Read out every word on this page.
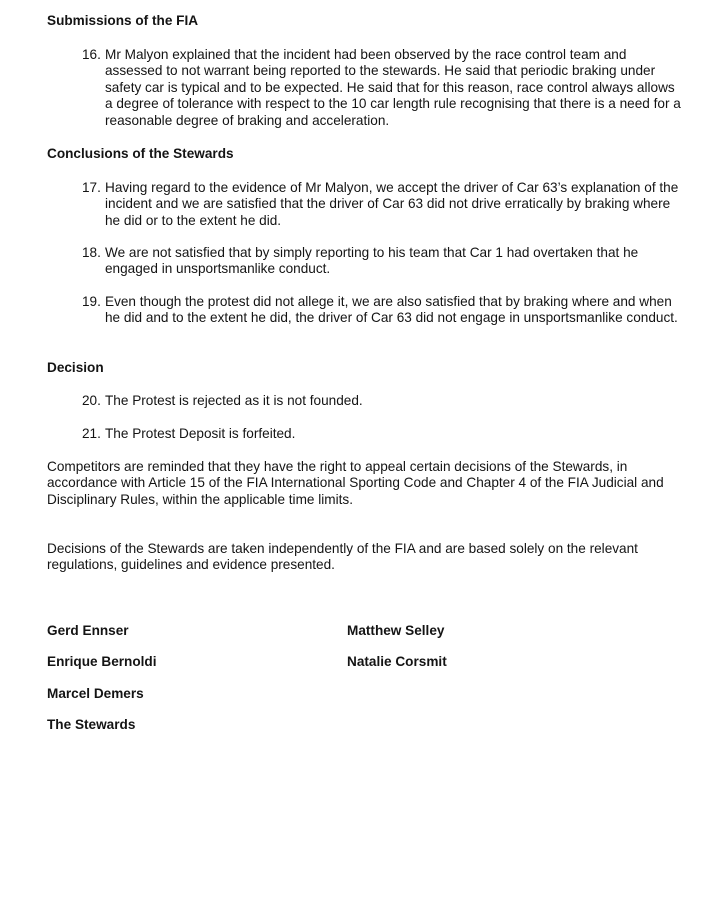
Submissions of the FIA
16. Mr Malyon explained that the incident had been observed by the race control team and assessed to not warrant being reported to the stewards. He said that periodic braking under safety car is typical and to be expected. He said that for this reason, race control always allows a degree of tolerance with respect to the 10 car length rule recognising that there is a need for a reasonable degree of braking and acceleration.
Conclusions of the Stewards
17. Having regard to the evidence of Mr Malyon, we accept the driver of Car 63’s explanation of the incident and we are satisfied that the driver of Car 63 did not drive erratically by braking where he did or to the extent he did.
18. We are not satisfied that by simply reporting to his team that Car 1 had overtaken that he engaged in unsportsmanlike conduct.
19. Even though the protest did not allege it, we are also satisfied that by braking where and when he did and to the extent he did, the driver of Car 63 did not engage in unsportsmanlike conduct.
Decision
20. The Protest is rejected as it is not founded.
21. The Protest Deposit is forfeited.
Competitors are reminded that they have the right to appeal certain decisions of the Stewards, in accordance with Article 15 of the FIA International Sporting Code and Chapter 4 of the FIA Judicial and Disciplinary Rules, within the applicable time limits.
Decisions of the Stewards are taken independently of the FIA and are based solely on the relevant regulations, guidelines and evidence presented.
Gerd Ennser	Matthew Selley
Enrique Bernoldi	Natalie Corsmit
Marcel Demers
The Stewards
